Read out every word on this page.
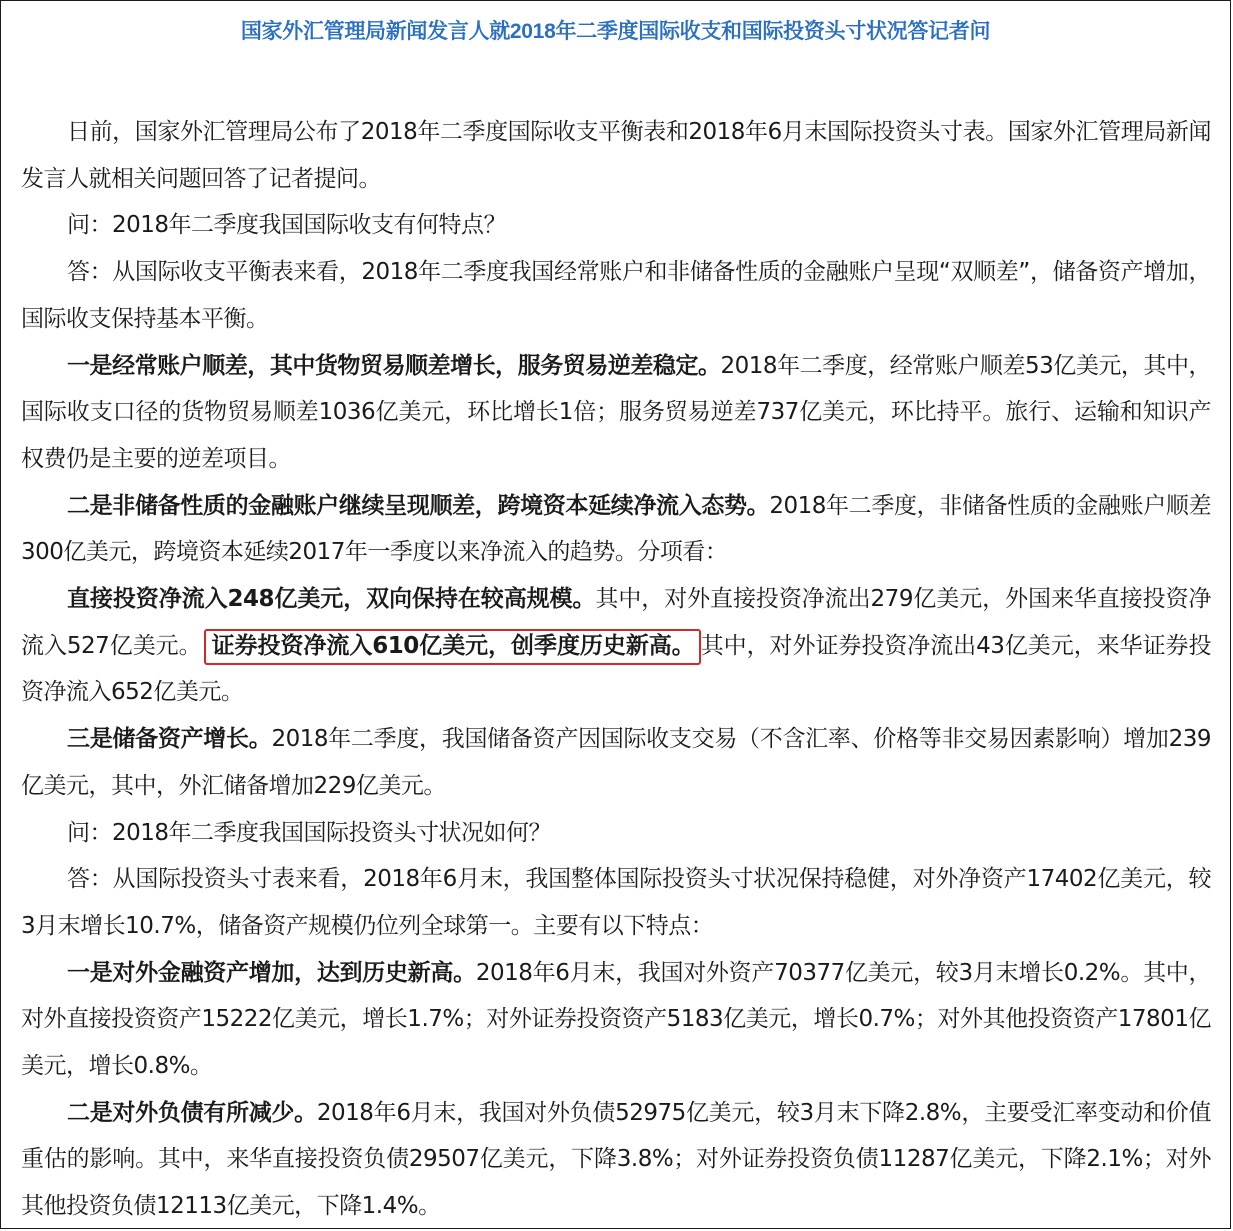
国家外汇管理局新闻发言人就2018年二季度国际收支和国际投资头寸状况答记者问

日前，国家外汇管理局公布了2018年二季度国际收支平衡表和2018年6月末国际投资头寸表。国家外汇管理局新闻发言人就相关问题回答了记者提问。

问：2018年二季度我国国际收支有何特点？

答：从国际收支平衡表来看，2018年二季度我国经常账户和非储备性质的金融账户呈现“双顺差”，储备资产增加，国际收支保持基本平衡。

一是经常账户顺差，其中货物贸易顺差增长，服务贸易逆差稳定。2018年二季度，经常账户顺差53亿美元，其中，国际收支口径的货物贸易顺差1036亿美元，环比增长1倍；服务贸易逆差737亿美元，环比持平。旅行、运输和知识产权费仍是主要的逆差项目。

二是非储备性质的金融账户继续呈现顺差，跨境资本延续净流入态势。2018年二季度，非储备性质的金融账户顺差300亿美元，跨境资本延续2017年一季度以来净流入的趋势。分项看：

直接投资净流入248亿美元，双向保持在较高规模。其中，对外直接投资净流出279亿美元，外国来华直接投资净流入527亿美元。 证券投资净流入610亿美元，创季度历史新高。 其中，对外证券投资净流出43亿美元，来华证券投资净流入652亿美元。

三是储备资产增长。2018年二季度，我国储备资产因国际收支交易（不含汇率、价格等非交易因素影响）增加239亿美元，其中，外汇储备增加229亿美元。

问：2018年二季度我国国际投资头寸状况如何？

答：从国际投资头寸表来看，2018年6月末，我国整体国际投资头寸状况保持稳健，对外净资产17402亿美元，较3月末增长10.7%，储备资产规模仍位列全球第一。主要有以下特点：

一是对外金融资产增加，达到历史新高。2018年6月末，我国对外资产70377亿美元，较3月末增长0.2%。其中，对外直接投资资产15222亿美元，增长1.7%；对外证券投资资产5183亿美元，增长0.7%；对外其他投资资产17801亿美元，增长0.8%。

二是对外负债有所减少。2018年6月末，我国对外负债52975亿美元，较3月末下降2.8%，主要受汇率变动和价值重估的影响。其中，来华直接投资负债29507亿美元，下降3.8%；对外证券投资负债11287亿美元，下降2.1%；对外其他投资负债12113亿美元，下降1.4%。
